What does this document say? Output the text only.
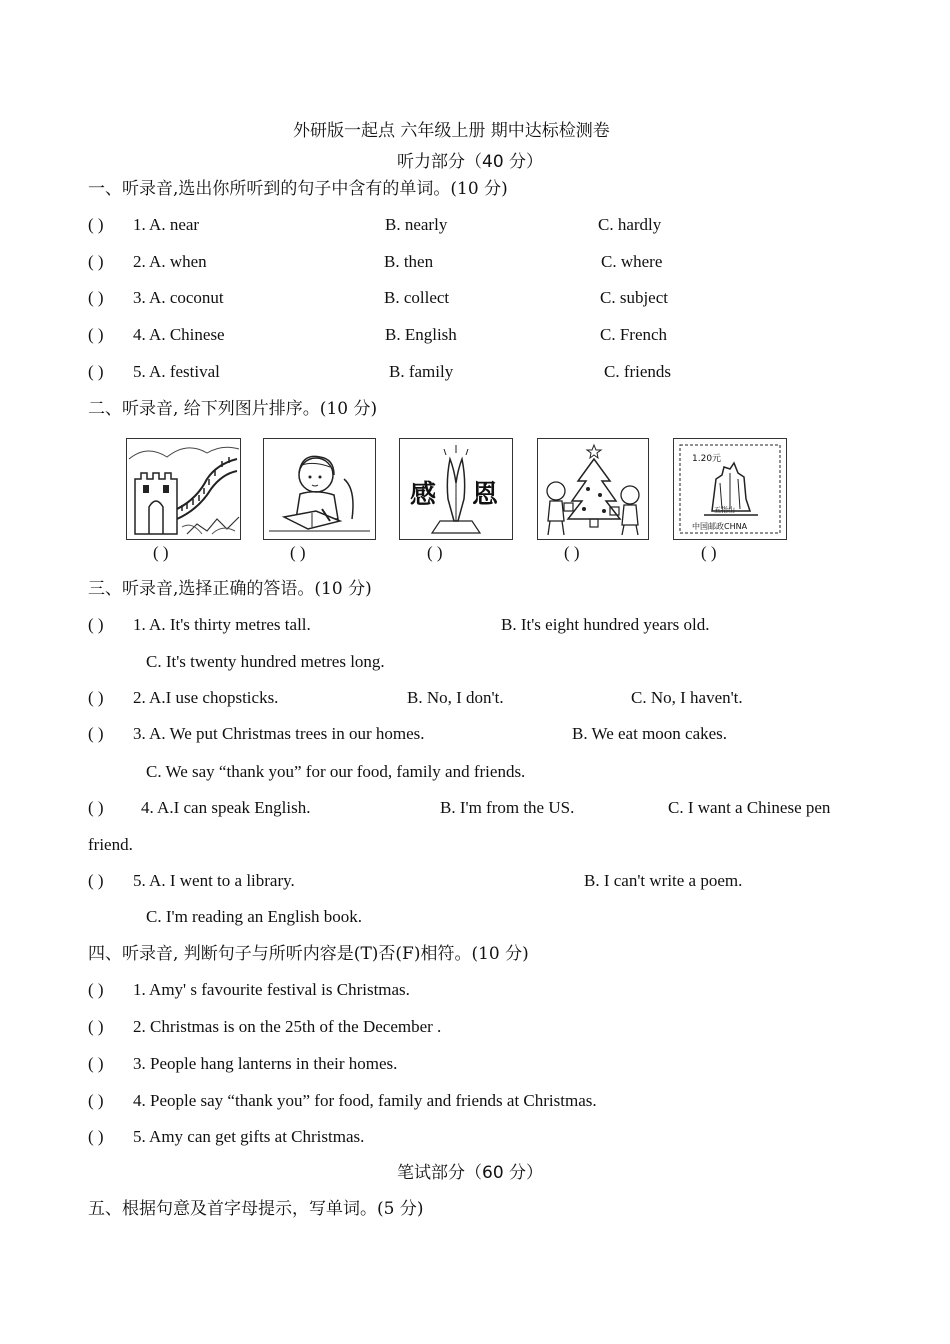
外研版一起点 六年级上册 期中达标检测卷
听力部分（40 分）
一、听录音,选出你所听到的句子中含有的单词。(10 分)
( ) 1. A. near	B. nearly	C. hardly
( ) 2. A. when	B. then	C. where
( ) 3. A. coconut	B. collect	C. subject
( ) 4. A. Chinese	B. English	C. French
( ) 5. A. festival	B. family	C. friends
二、听录音, 给下列图片排序。(10 分)
感 恩
1.20元
五指山
中国邮政CHNA
( )	( )	( )	( )	( )
三、听录音,选择正确的答语。(10 分)
( ) 1. A. It's thirty metres tall.	B. It's eight hundred years old.
C. It's twenty hundred metres long.
( ) 2. A.I use chopsticks.	B. No, I don't.	C. No, I haven't.
( ) 3. A. We put Christmas trees in our homes.	B. We eat moon cakes.
C. We say “thank you” for our food, family and friends.
( ) 4. A.I can speak English.	B. I'm from the US.	C. I want a Chinese pen
friend.
( ) 5. A. I went to a library.	B. I can't write a poem.
C. I'm reading an English book.
四、听录音, 判断句子与所听内容是(T)否(F)相符。(10 分)
( ) 1. Amy' s favourite festival is Christmas.
( ) 2. Christmas is on the 25th of the December .
( ) 3. People hang lanterns in their homes.
( ) 4. People say “thank you” for food, family and friends at Christmas.
( ) 5. Amy can get gifts at Christmas.
笔试部分（60 分）
五、根据句意及首字母提示，写单词。(5 分)
